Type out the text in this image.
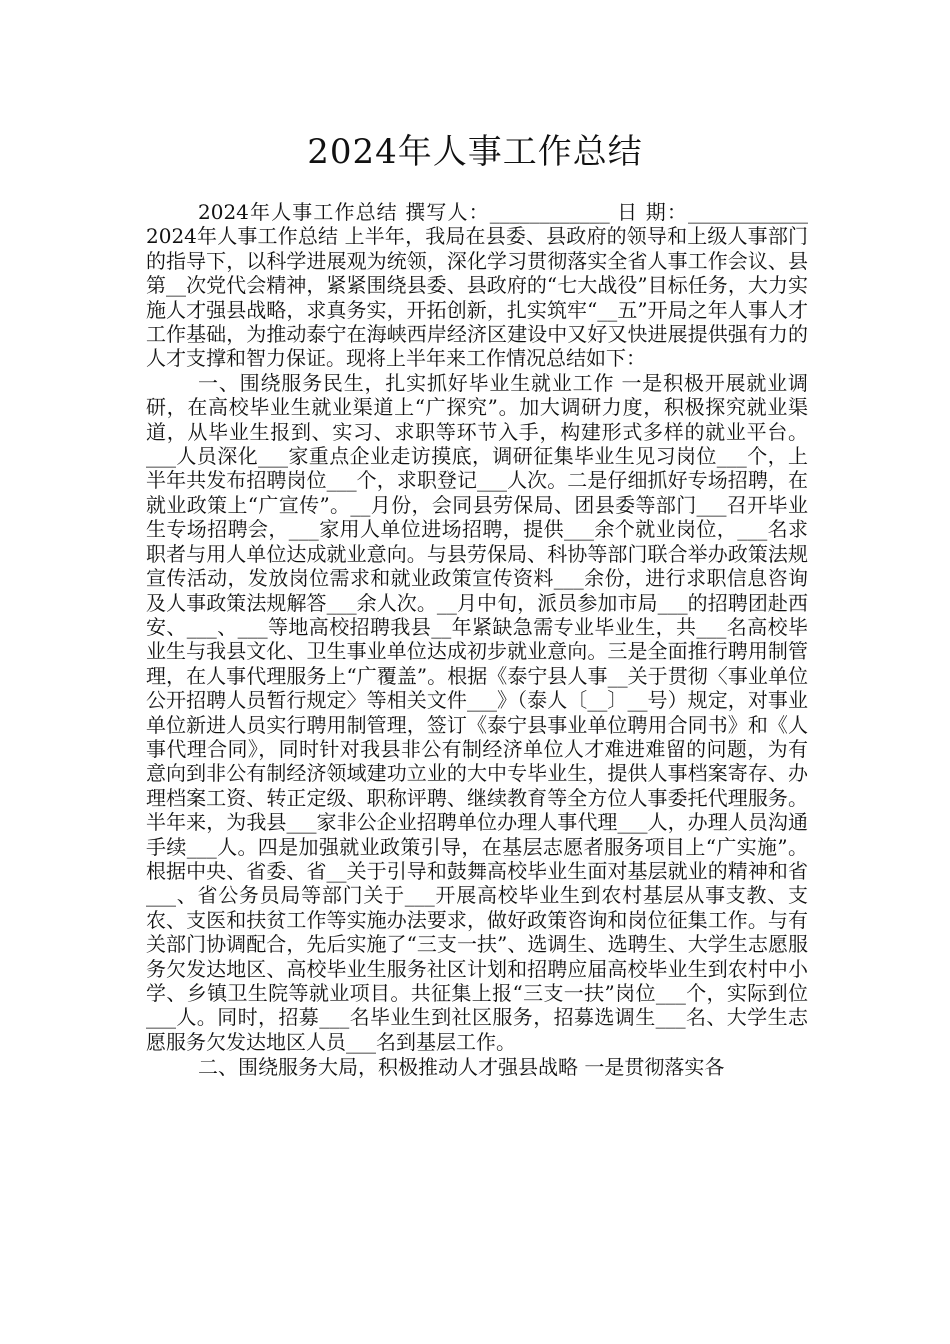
2024年人事工作总结

2024年人事工作总结 撰写人：____________ 日 期：____________ 2024年人事工作总结 上半年，我局在县委、县政府的领导和上级人事部门的指导下，以科学进展观为统领，深化学习贯彻落实全省人事工作会议、县第__次党代会精神，紧紧围绕县委、县政府的“七大战役”目标任务，大力实施人才强县战略，求真务实，开拓创新，扎实筑牢“__五”开局之年人事人才工作基础，为推动泰宁在海峡西岸经济区建设中又好又快进展提供强有力的人才支撑和智力保证。现将上半年来工作情况总结如下：

一、围绕服务民生，扎实抓好毕业生就业工作 一是积极开展就业调研，在高校毕业生就业渠道上“广探究”。加大调研力度，积极探究就业渠道，从毕业生报到、实习、求职等环节入手，构建形式多样的就业平台。___人员深化___家重点企业走访摸底，调研征集毕业生见习岗位___个，上半年共发布招聘岗位___个，求职登记___人次。二是仔细抓好专场招聘，在就业政策上“广宣传”。__月份，会同县劳保局、团县委等部门___召开毕业生专场招聘会，___家用人单位进场招聘，提供___余个就业岗位，___名求职者与用人单位达成就业意向。与县劳保局、科协等部门联合举办政策法规宣传活动，发放岗位需求和就业政策宣传资料___余份，进行求职信息咨询及人事政策法规解答___余人次。__月中旬，派员参加市局___的招聘团赴西安、___、___等地高校招聘我县__年紧缺急需专业毕业生，共___名高校毕业生与我县文化、卫生事业单位达成初步就业意向。三是全面推行聘用制管理，在人事代理服务上“广覆盖”。根据《泰宁县人事__关于贯彻〈事业单位公开招聘人员暂行规定〉等相关文件___》（泰人〔__〕__号）规定，对事业单位新进人员实行聘用制管理，签订《泰宁县事业单位聘用合同书》和《人事代理合同》，同时针对我县非公有制经济单位人才难进难留的问题，为有意向到非公有制经济领域建功立业的大中专毕业生，提供人事档案寄存、办理档案工资、转正定级、职称评聘、继续教育等全方位人事委托代理服务。半年来，为我县___家非公企业招聘单位办理人事代理___人，办理人员沟通手续___人。四是加强就业政策引导，在基层志愿者服务项目上“广实施”。根据中央、省委、省__关于引导和鼓舞高校毕业生面对基层就业的精神和省___、省公务员局等部门关于___开展高校毕业生到农村基层从事支教、支农、支医和扶贫工作等实施办法要求，做好政策咨询和岗位征集工作。与有关部门协调配合，先后实施了“三支一扶”、选调生、选聘生、大学生志愿服务欠发达地区、高校毕业生服务社区计划和招聘应届高校毕业生到农村中小学、乡镇卫生院等就业项目。共征集上报“三支一扶”岗位___个，实际到位___人。同时，招募___名毕业生到社区服务，招募选调生___名、大学生志愿服务欠发达地区人员___名到基层工作。

二、围绕服务大局，积极推动人才强县战略 一是贯彻落实各
